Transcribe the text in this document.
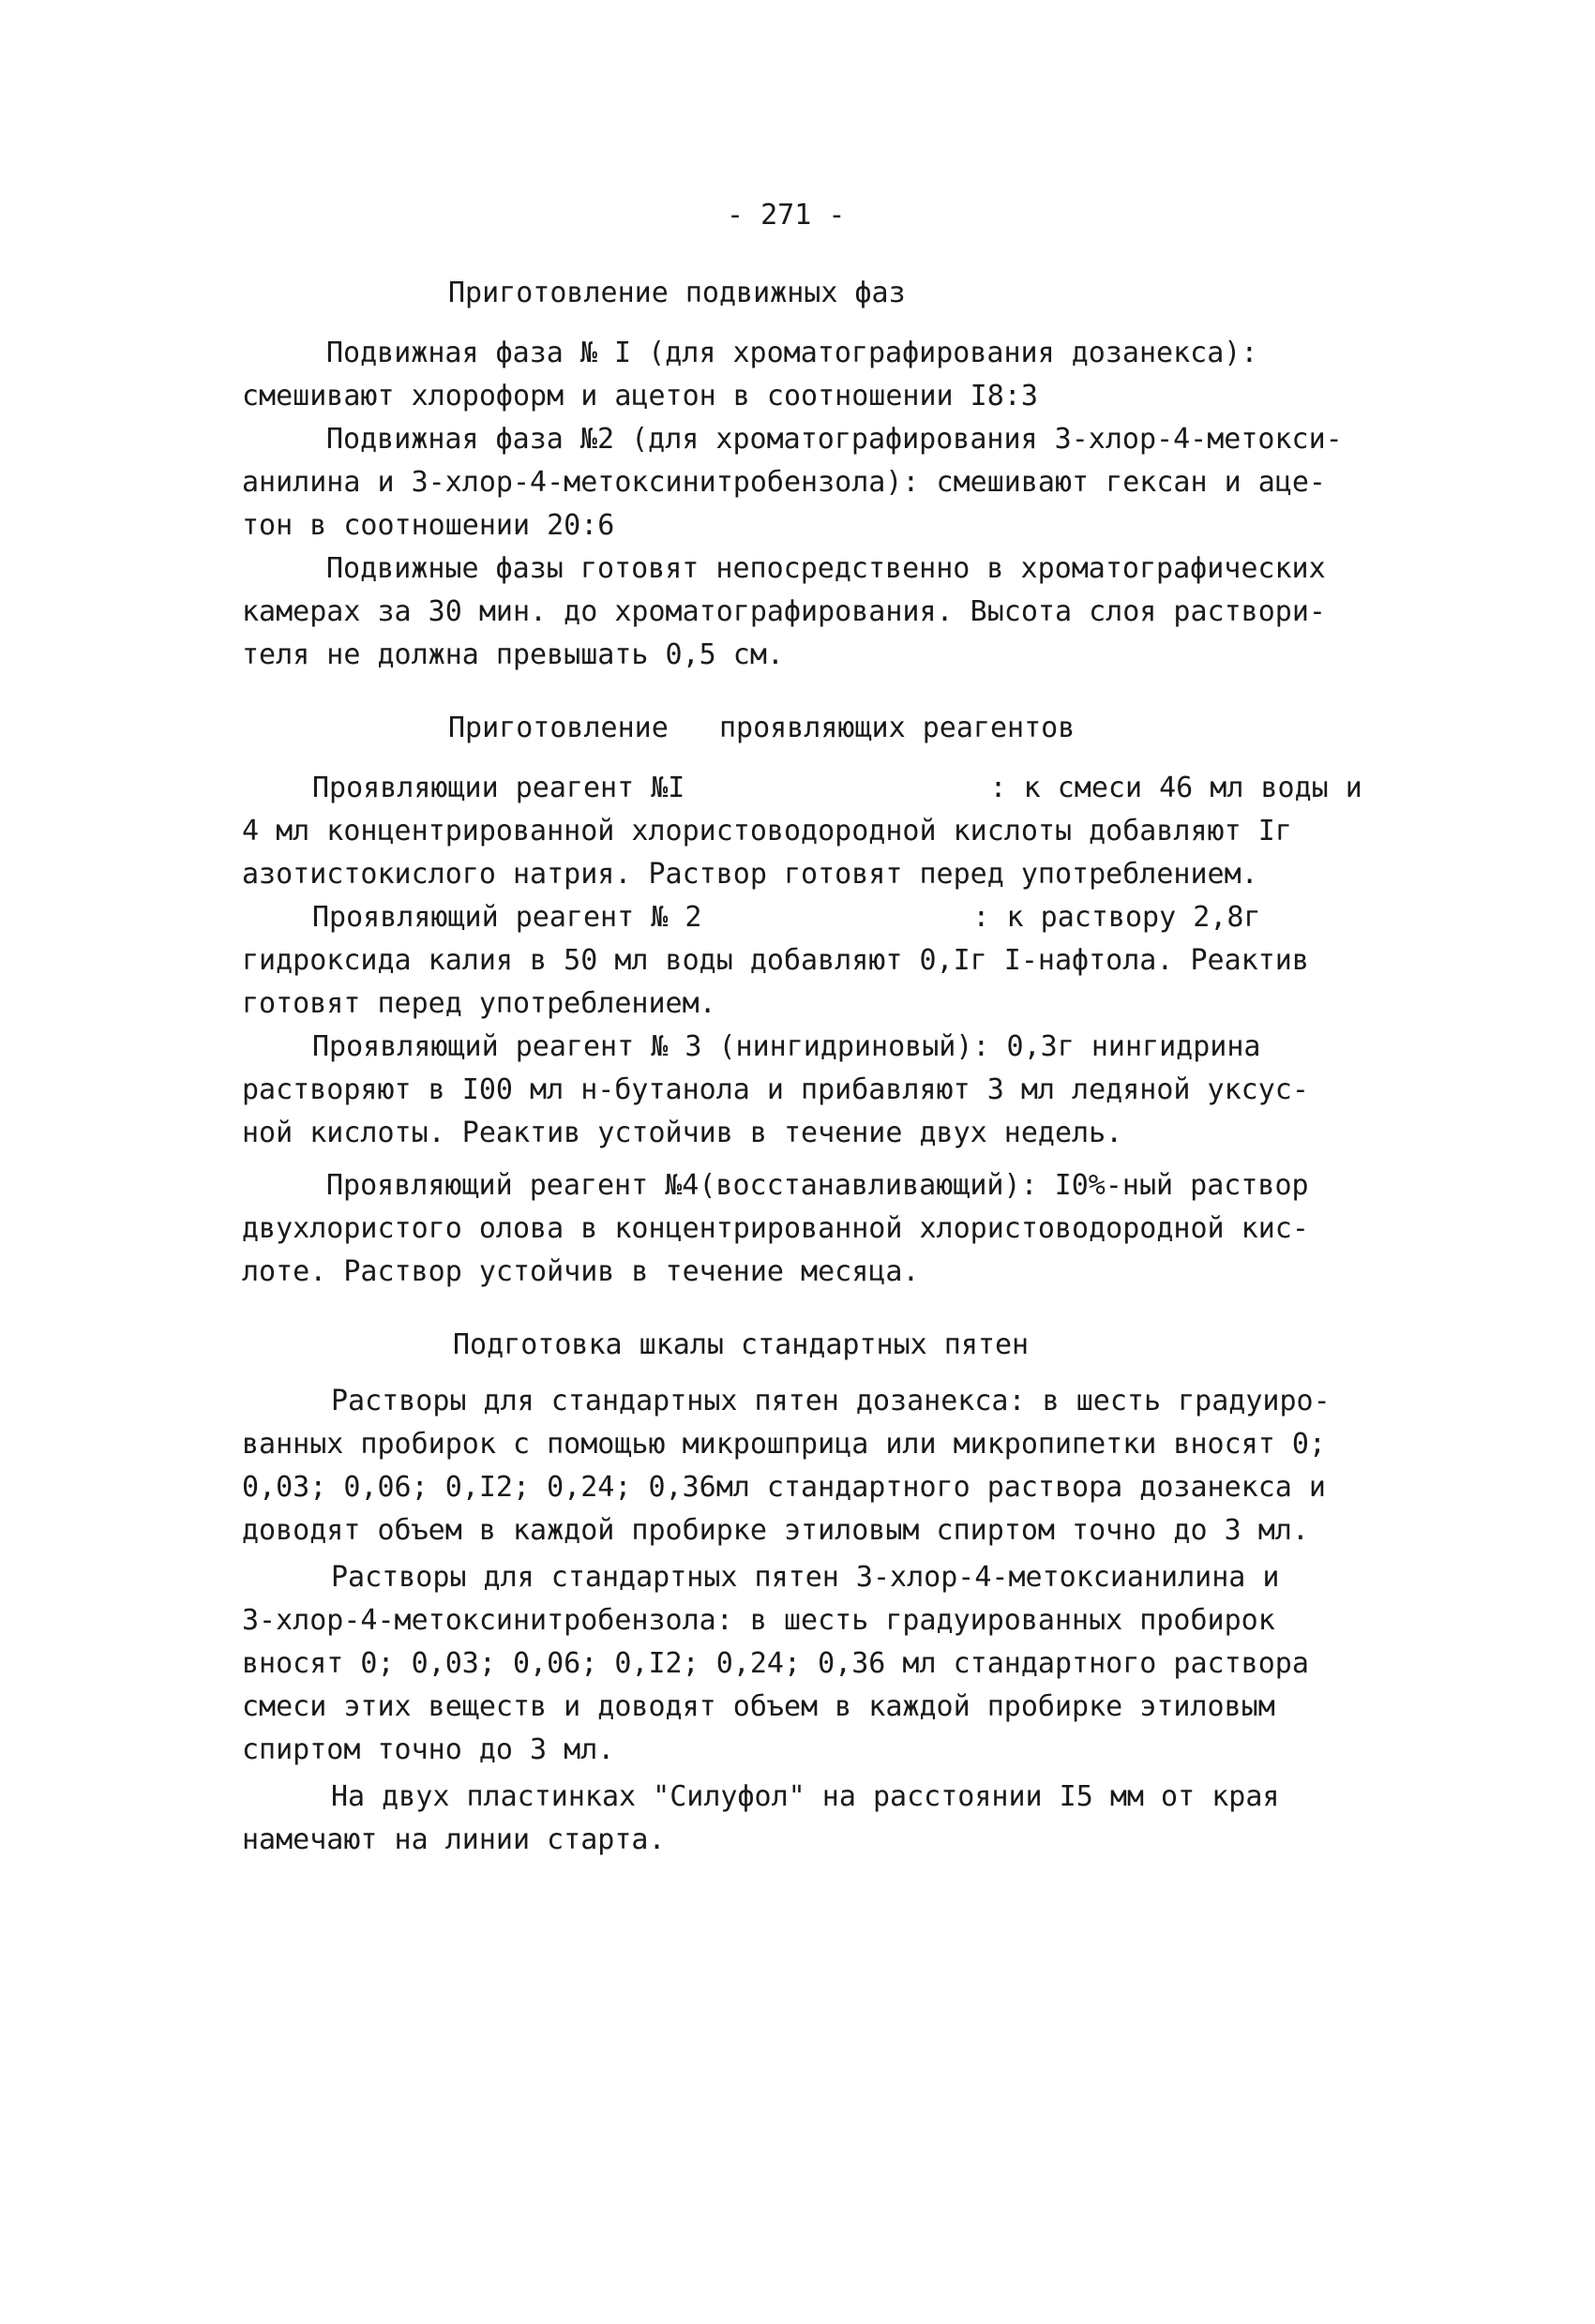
- 271 -
Приготовление подвижных фаз
Подвижная фаза № I (для хроматографирования дозанекса):
смешивают хлороформ и ацетон в соотношении I8:3
Подвижная фаза №2 (для хроматографирования 3-хлор-4-метокси-
анилина и 3-хлор-4-метоксинитробензола): смешивают гексан и аце-
тон в соотношении 20:6
Подвижные фазы готовят непосредственно в хроматографических
камерах за 30 мин. до хроматографирования. Высота слоя раствори-
теля не должна превышать 0,5 см.
Приготовление   проявляющих реагентов
Проявляющии реагент №I                  : к смеси 46 мл воды и
4 мл концентрированной хлористоводородной кислоты добавляют Iг
азотистокислого натрия. Раствор готовят перед употреблением.
Проявляющий реагент № 2                : к раствору 2,8г
гидроксида калия в 50 мл воды добавляют 0,Iг I-нафтола. Реактив
готовят перед употреблением.
Проявляющий реагент № 3 (нингидриновый): 0,3г нингидрина
растворяют в I00 мл н-бутанола и прибавляют 3 мл ледяной уксус-
ной кислоты. Реактив устойчив в течение двух недель.
Проявляющий реагент №4(восстанавливающий): I0%-ный раствор
двухлористого олова в концентрированной хлористоводородной кис-
лоте. Раствор устойчив в течение месяца.
Подготовка шкалы стандартных пятен
Растворы для стандартных пятен дозанекса: в шесть градуиро-
ванных пробирок с помощью микрошприца или микропипетки вносят 0;
0,03; 0,06; 0,I2; 0,24; 0,36мл стандартного раствора дозанекса и
доводят объем в каждой пробирке этиловым спиртом точно до 3 мл.
Растворы для стандартных пятен 3-хлор-4-метоксианилина и
3-хлор-4-метоксинитробензола: в шесть градуированных пробирок
вносят 0; 0,03; 0,06; 0,I2; 0,24; 0,36 мл стандартного раствора
смеси этих веществ и доводят объем в каждой пробирке этиловым
спиртом точно до 3 мл.
На двух пластинках "Силуфол" на расстоянии I5 мм от края
намечают на линии старта.
